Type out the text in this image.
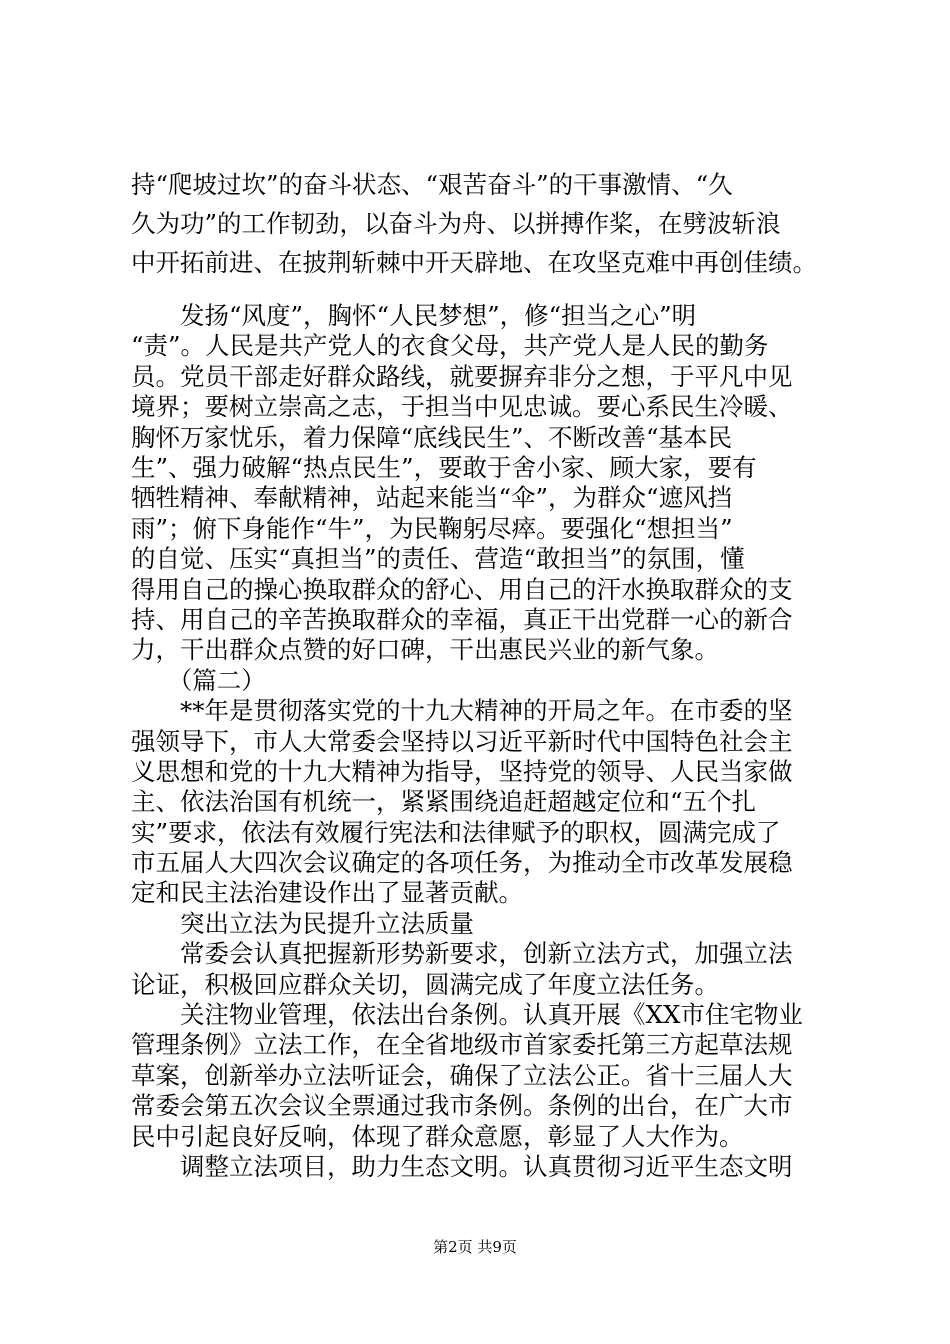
持“爬坡过坎”的奋斗状态、“艰苦奋斗”的干事激情、“久
久为功”的工作韧劲，以奋斗为舟、以拼搏作桨，在劈波斩浪
中开拓前进、在披荆斩棘中开天辟地、在攻坚克难中再创佳绩。
　　发扬“风度”，胸怀“人民梦想”，修“担当之心”明
“责”。人民是共产党人的衣食父母，共产党人是人民的勤务
员。党员干部走好群众路线，就要摒弃非分之想，于平凡中见
境界；要树立崇高之志，于担当中见忠诚。要心系民生冷暖、
胸怀万家忧乐，着力保障“底线民生”、不断改善“基本民
生”、强力破解“热点民生”，要敢于舍小家、顾大家，要有
牺牲精神、奉献精神，站起来能当“伞”，为群众“遮风挡
雨”；俯下身能作“牛”，为民鞠躬尽瘁。要强化“想担当”
的自觉、压实“真担当”的责任、营造“敢担当”的氛围，懂
得用自己的操心换取群众的舒心、用自己的汗水换取群众的支
持、用自己的辛苦换取群众的幸福，真正干出党群一心的新合
力，干出群众点赞的好口碑，干出惠民兴业的新气象。
　　（篇二）
　　**年是贯彻落实党的十九大精神的开局之年。在市委的坚
强领导下，市人大常委会坚持以习近平新时代中国特色社会主
义思想和党的十九大精神为指导，坚持党的领导、人民当家做
主、依法治国有机统一，紧紧围绕追赶超越定位和“五个扎
实”要求，依法有效履行宪法和法律赋予的职权，圆满完成了
市五届人大四次会议确定的各项任务，为推动全市改革发展稳
定和民主法治建设作出了显著贡献。
　　突出立法为民提升立法质量
　　常委会认真把握新形势新要求，创新立法方式，加强立法
论证，积极回应群众关切，圆满完成了年度立法任务。
　　关注物业管理，依法出台条例。认真开展《XX市住宅物业
管理条例》立法工作，在全省地级市首家委托第三方起草法规
草案，创新举办立法听证会，确保了立法公正。省十三届人大
常委会第五次会议全票通过我市条例。条例的出台，在广大市
民中引起良好反响，体现了群众意愿，彰显了人大作为。
　　调整立法项目，助力生态文明。认真贯彻习近平生态文明
第2页 共9页
